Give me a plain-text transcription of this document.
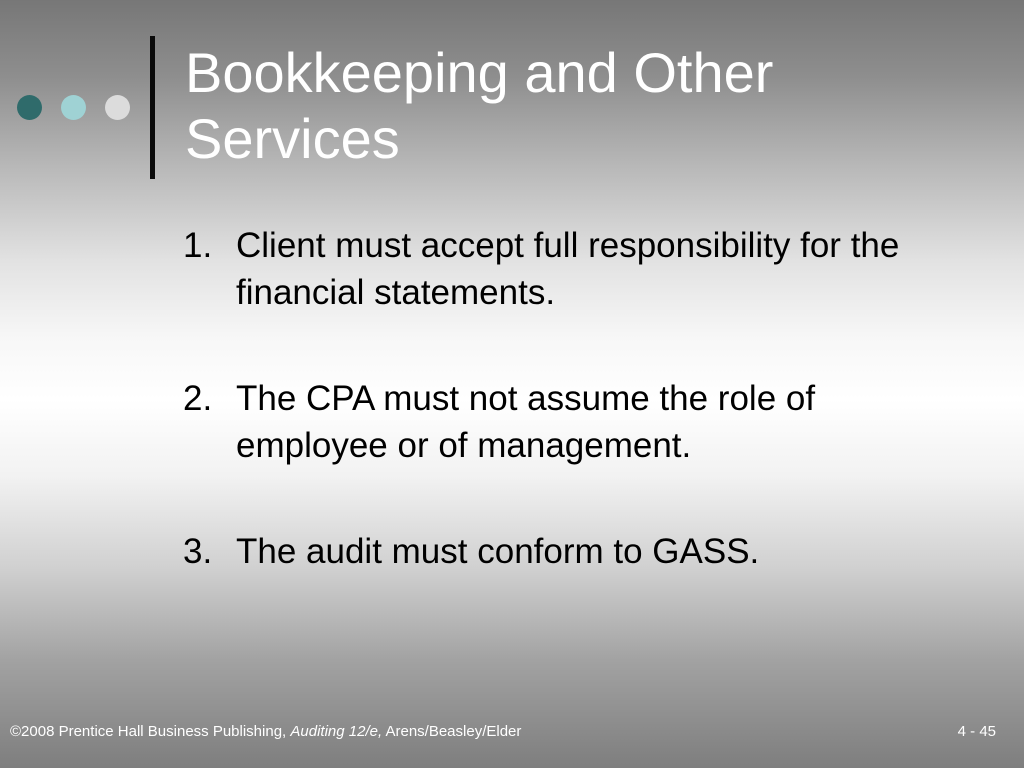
Bookkeeping and Other Services
1. Client must accept full responsibility for the financial statements.
2. The CPA must not assume the role of employee or of management.
3. The audit must conform to GASS.
©2008 Prentice Hall Business Publishing, Auditing 12/e, Arens/Beasley/Elder	4 - 45
